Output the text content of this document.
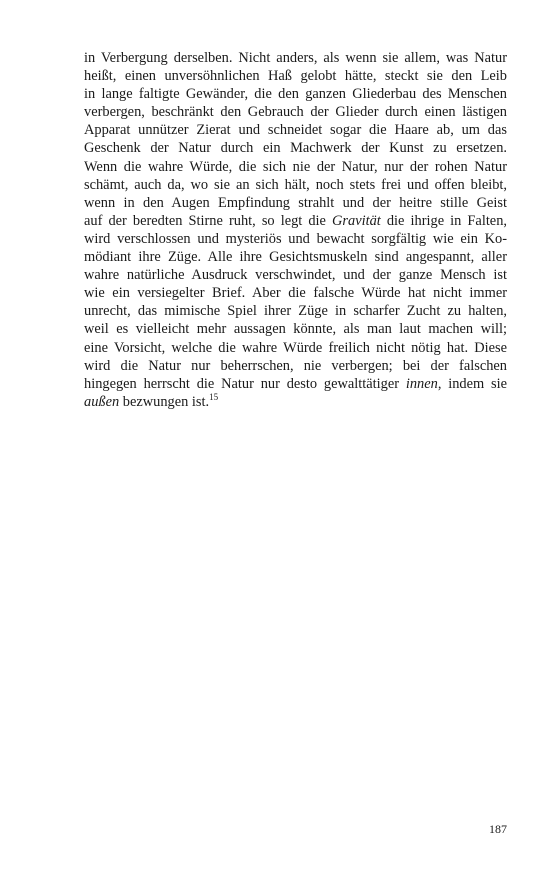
in Verbergung derselben. Nicht anders, als wenn sie allem, was Natur
heißt, einen unversöhnlichen Haß gelobt hätte, steckt sie den Leib
in lange faltigte Gewänder, die den ganzen Gliederbau des Menschen
verbergen, beschränkt den Gebrauch der Glieder durch einen lästigen
Apparat unnützer Zierat und schneidet sogar die Haare ab, um das
Geschenk der Natur durch ein Machwerk der Kunst zu ersetzen.
Wenn die wahre Würde, die sich nie der Natur, nur der rohen Natur
schämt, auch da, wo sie an sich hält, noch stets frei und offen bleibt,
wenn in den Augen Empfindung strahlt und der heitre stille Geist
auf der beredten Stirne ruht, so legt die Gravität die ihrige in Falten,
wird verschlossen und mysteriös und bewacht sorgfältig wie ein Ko-
mödiant ihre Züge. Alle ihre Gesichtsmuskeln sind angespannt, aller
wahre natürliche Ausdruck verschwindet, und der ganze Mensch ist
wie ein versiegelter Brief. Aber die falsche Würde hat nicht immer
unrecht, das mimische Spiel ihrer Züge in scharfer Zucht zu halten,
weil es vielleicht mehr aussagen könnte, als man laut machen will;
eine Vorsicht, welche die wahre Würde freilich nicht nötig hat. Diese
wird die Natur nur beherrschen, nie verbergen; bei der falschen
hingegen herrscht die Natur nur desto gewalttätiger innen, indem sie
außen bezwungen ist.$^{15}$
187
